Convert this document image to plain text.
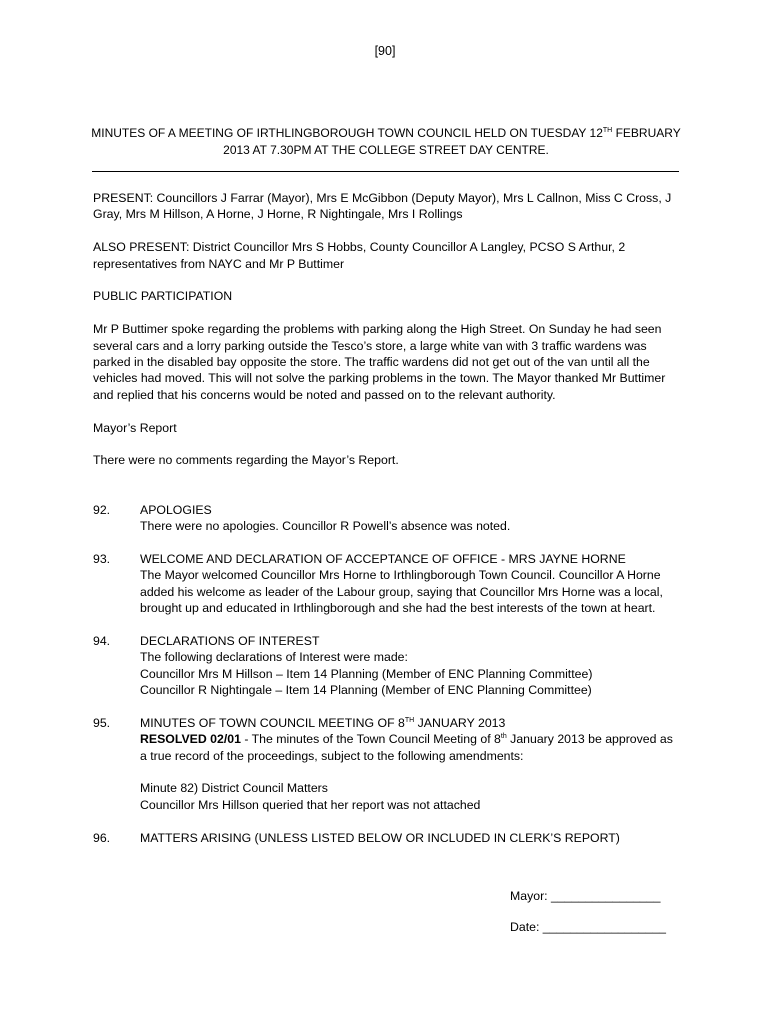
[90]
MINUTES OF A MEETING OF IRTHLINGBOROUGH TOWN COUNCIL HELD ON TUESDAY 12TH FEBRUARY
2013 AT 7.30PM AT THE COLLEGE STREET DAY CENTRE.

PRESENT: Councillors J Farrar (Mayor), Mrs E McGibbon (Deputy Mayor), Mrs L Callnon, Miss C Cross, J Gray, Mrs M Hillson, A Horne, J Horne, R Nightingale, Mrs I Rollings

ALSO PRESENT: District Councillor Mrs S Hobbs, County Councillor A Langley, PCSO S Arthur, 2 representatives from NAYC and Mr P Buttimer

PUBLIC PARTICIPATION

Mr P Buttimer spoke regarding the problems with parking along the High Street. On Sunday he had seen several cars and a lorry parking outside the Tesco’s store, a large white van with 3 traffic wardens was parked in the disabled bay opposite the store. The traffic wardens did not get out of the van until all the vehicles had moved. This will not solve the parking problems in the town. The Mayor thanked Mr Buttimer and replied that his concerns would be noted and passed on to the relevant authority.

Mayor’s Report

There were no comments regarding the Mayor’s Report.

92.	APOLOGIES

There were no apologies. Councillor R Powell’s absence was noted.

93.	WELCOME AND DECLARATION OF ACCEPTANCE OF OFFICE - MRS JAYNE HORNE

The Mayor welcomed Councillor Mrs Horne to Irthlingborough Town Council. Councillor A Horne added his welcome as leader of the Labour group, saying that Councillor Mrs Horne was a local, brought up and educated in Irthlingborough and she had the best interests of the town at heart.

94.	DECLARATIONS OF INTEREST

The following declarations of Interest were made:

Councillor Mrs M Hillson – Item 14 Planning (Member of ENC Planning Committee)

Councillor R Nightingale – Item 14 Planning (Member of ENC Planning Committee)

95.	MINUTES OF TOWN COUNCIL MEETING OF 8TH JANUARY 2013

RESOLVED 02/01 - The minutes of the Town Council Meeting of 8th January 2013 be approved as a true record of the proceedings, subject to the following amendments:

Minute 82) District Council Matters

Councillor Mrs Hillson queried that her report was not attached

96.	MATTERS ARISING (UNLESS LISTED BELOW OR INCLUDED IN CLERK’S REPORT)

Mayor: ________________
Date: __________________
